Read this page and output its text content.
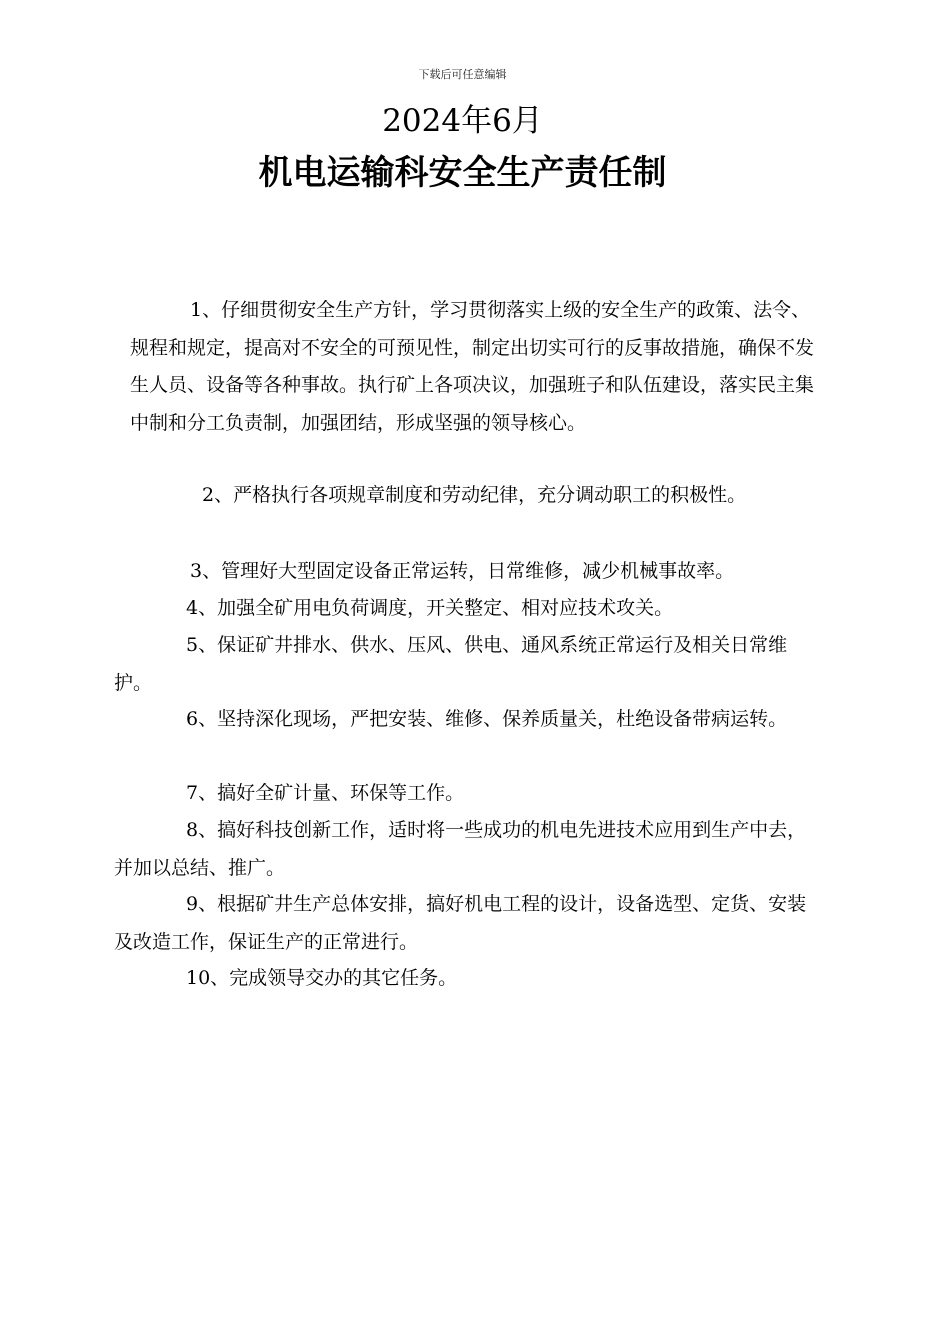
下载后可任意编辑
2024年6月
机电运输科安全生产责任制

1、仔细贯彻安全生产方针，学习贯彻落实上级的安全生产的政策、法令、规程和规定，提高对不安全的可预见性，制定出切实可行的反事故措施，确保不发生人员、设备等各种事故。执行矿上各项决议，加强班子和队伍建设，落实民主集中制和分工负责制，加强团结，形成坚强的领导核心。

2、严格执行各项规章制度和劳动纪律，充分调动职工的积极性。

3、管理好大型固定设备正常运转，日常维修，减少机械事故率。

4、加强全矿用电负荷调度，开关整定、相对应技术攻关。

5、保证矿井排水、供水、压风、供电、通风系统正常运行及相关日常维护。

6、坚持深化现场，严把安装、维修、保养质量关，杜绝设备带病运转。

7、搞好全矿计量、环保等工作。

8、搞好科技创新工作，适时将一些成功的机电先进技术应用到生产中去，并加以总结、推广。

9、根据矿井生产总体安排，搞好机电工程的设计，设备选型、定货、安装及改造工作，保证生产的正常进行。

10、完成领导交办的其它任务。
